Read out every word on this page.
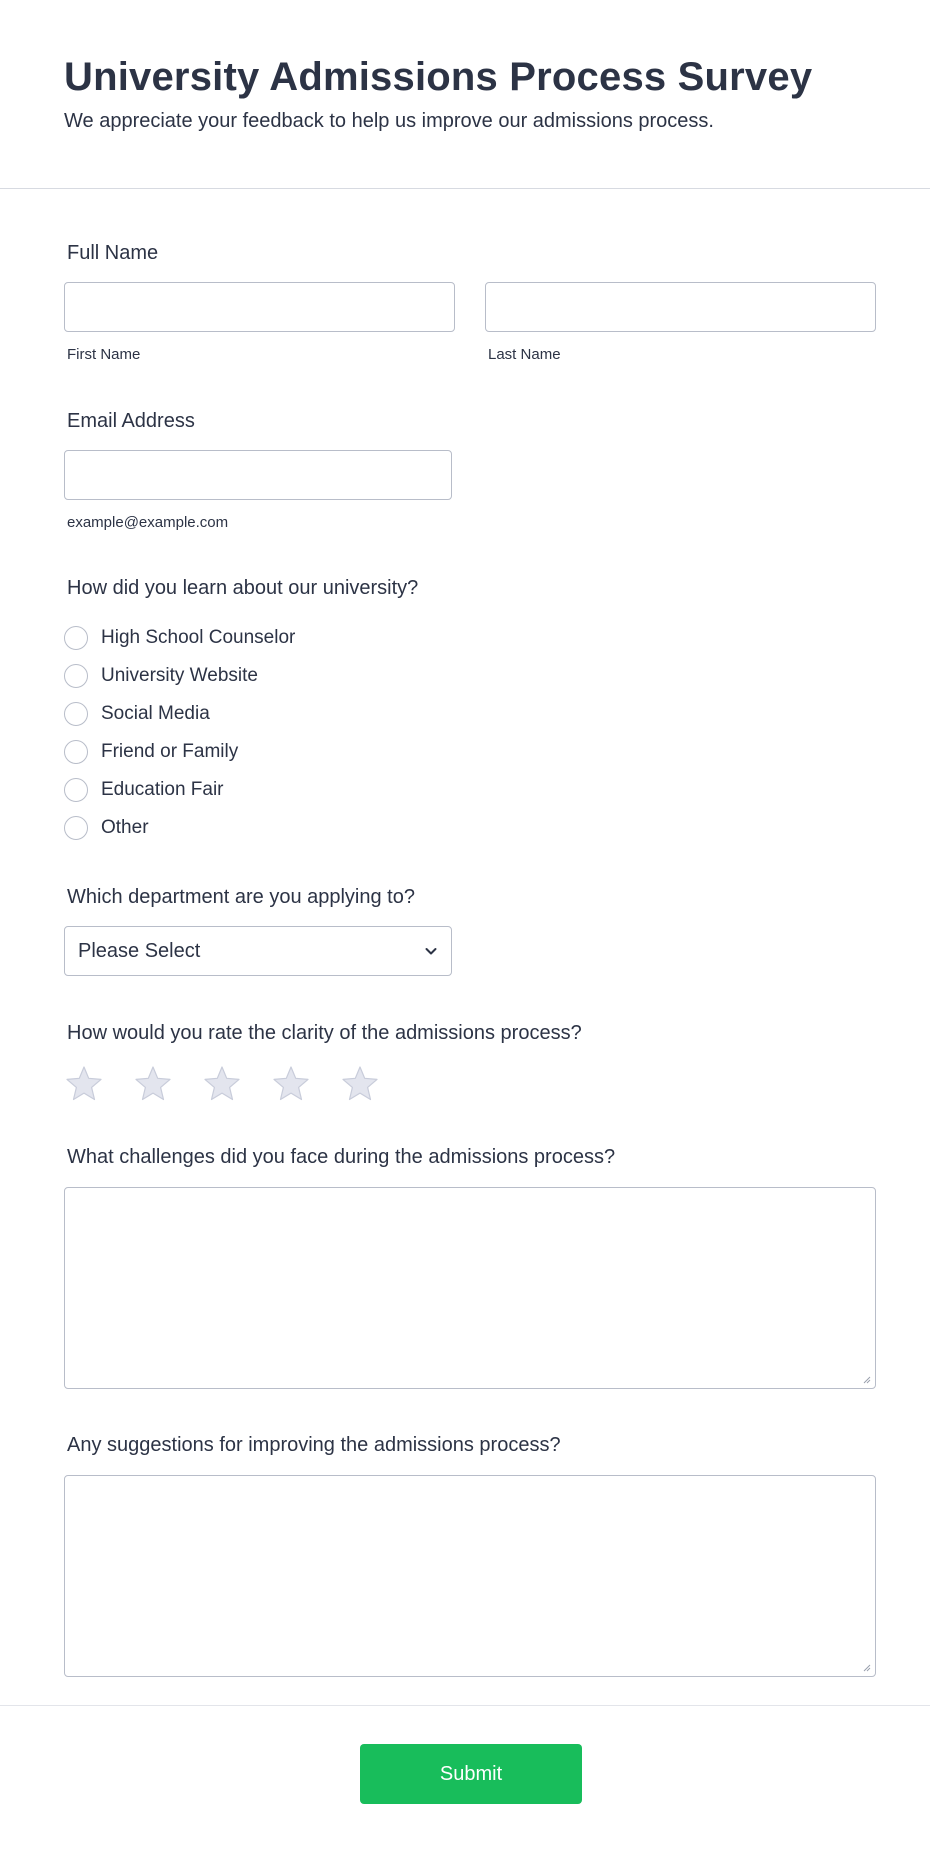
University Admissions Process Survey

We appreciate your feedback to help us improve our admissions process.

Full Name
First Name	Last Name
Email Address
example@example.com
How did you learn about our university?
High School Counselor
University Website
Social Media
Friend or Family
Education Fair
Other
Which department are you applying to?
Please Select
How would you rate the clarity of the admissions process?
What challenges did you face during the admissions process?
Any suggestions for improving the admissions process?
Submit
